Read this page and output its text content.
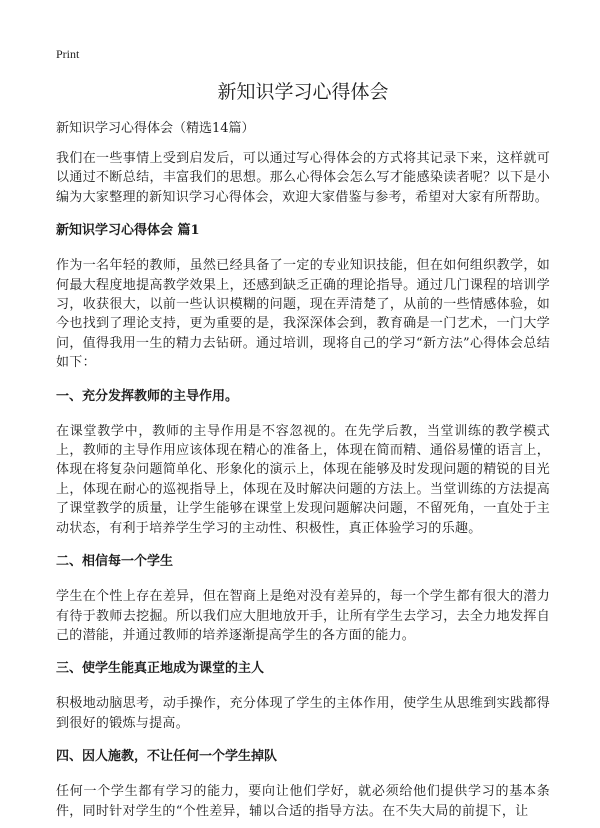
Print
新知识学习心得体会
新知识学习心得体会（精选14篇）

我们在一些事情上受到启发后，可以通过写心得体会的方式将其记录下来，这样就可以通过不断总结，丰富我们的思想。那么心得体会怎么写才能感染读者呢？以下是小编为大家整理的新知识学习心得体会，欢迎大家借鉴与参考，希望对大家有所帮助。

新知识学习心得体会 篇1

作为一名年轻的教师，虽然已经具备了一定的专业知识技能，但在如何组织教学，如何最大程度地提高教学效果上，还感到缺乏正确的理论指导。通过几门课程的培训学习，收获很大，以前一些认识模糊的问题，现在弄清楚了，从前的一些情感体验，如今也找到了理论支持，更为重要的是，我深深体会到，教育确是一门艺术，一门大学问，值得我用一生的精力去钻研。通过培训，现将自己的学习“新方法”心得体会总结如下：

一、充分发挥教师的主导作用。

在课堂教学中，教师的主导作用是不容忽视的。在先学后教，当堂训练的教学模式上，教师的主导作用应该体现在精心的准备上，体现在简而精、通俗易懂的语言上，体现在将复杂问题简单化、形象化的演示上，体现在能够及时发现问题的精锐的目光上，体现在耐心的巡视指导上，体现在及时解决问题的方法上。当堂训练的方法提高了课堂教学的质量，让学生能够在课堂上发现问题解决问题，不留死角，一直处于主动状态，有利于培养学生学习的主动性、积极性，真正体验学习的乐趣。

二、相信每一个学生

学生在个性上存在差异，但在智商上是绝对没有差异的，每一个学生都有很大的潜力有待于教师去挖掘。所以我们应大胆地放开手，让所有学生去学习，去全力地发挥自己的潜能，并通过教师的培养逐渐提高学生的各方面的能力。

三、使学生能真正地成为课堂的主人

积极地动脑思考，动手操作，充分体现了学生的主体作用，使学生从思维到实践都得到很好的锻炼与提高。

四、因人施教，不让任何一个学生掉队

任何一个学生都有学习的能力，要向让他们学好，就必须给他们提供学习的基本条件，同时针对学生的“个性差异，辅以合适的指导方法。在不失大局的前提下，让
